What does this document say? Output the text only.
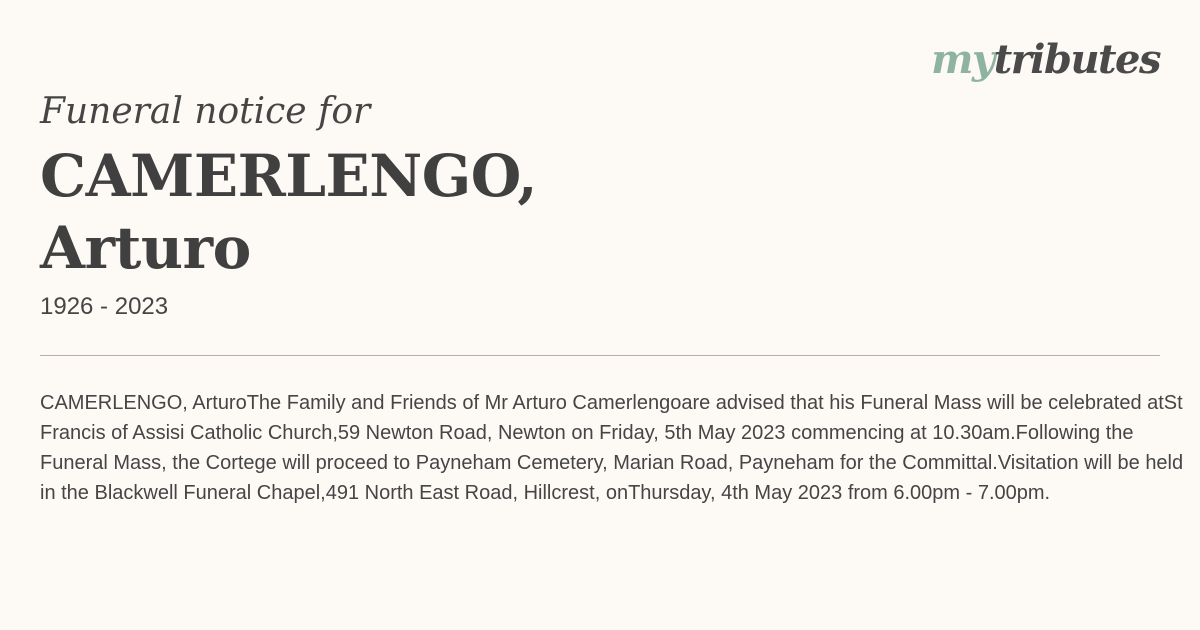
mytributes
Funeral notice for
CAMERLENGO,
Arturo
1926 - 2023
CAMERLENGO, ArturoThe Family and Friends of Mr Arturo Camerlengoare advised that his Funeral Mass will be celebrated atSt Francis of Assisi Catholic Church,59 Newton Road, Newton on Friday, 5th May 2023 commencing at 10.30am.Following the Funeral Mass, the Cortege will proceed to Payneham Cemetery, Marian Road, Payneham for the Committal.Visitation will be held in the Blackwell Funeral Chapel,491 North East Road, Hillcrest, onThursday, 4th May 2023 from 6.00pm - 7.00pm.
